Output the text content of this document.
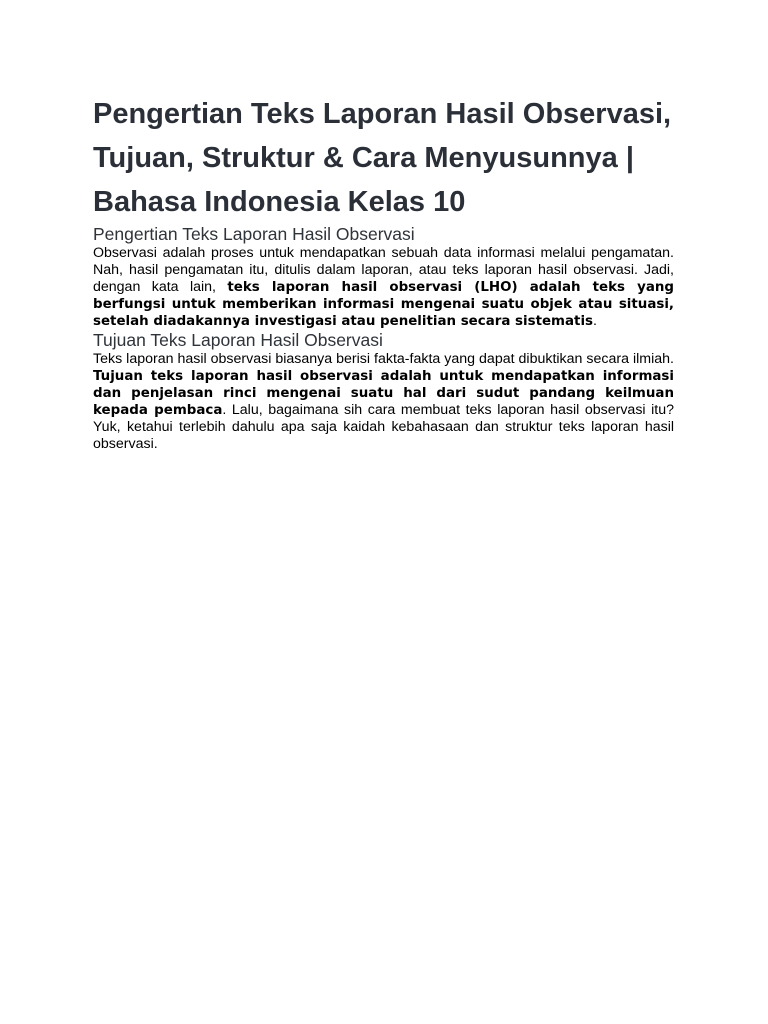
Pengertian Teks Laporan Hasil Observasi, Tujuan, Struktur & Cara Menyusunnya | Bahasa Indonesia Kelas 10
Pengertian Teks Laporan Hasil Observasi

Observasi adalah proses untuk mendapatkan sebuah data informasi melalui pengamatan. Nah, hasil pengamatan itu, ditulis dalam laporan, atau teks laporan hasil observasi. Jadi, dengan kata lain, teks laporan hasil observasi (LHO) adalah teks yang berfungsi untuk memberikan informasi mengenai suatu objek atau situasi, setelah diadakannya investigasi atau penelitian secara sistematis.

Tujuan Teks Laporan Hasil Observasi

Teks laporan hasil observasi biasanya berisi fakta-fakta yang dapat dibuktikan secara ilmiah. Tujuan teks laporan hasil observasi adalah untuk mendapatkan informasi dan penjelasan rinci mengenai suatu hal dari sudut pandang keilmuan kepada pembaca. Lalu, bagaimana sih cara membuat teks laporan hasil observasi itu? Yuk, ketahui terlebih dahulu apa saja kaidah kebahasaan dan struktur teks laporan hasil observasi.
